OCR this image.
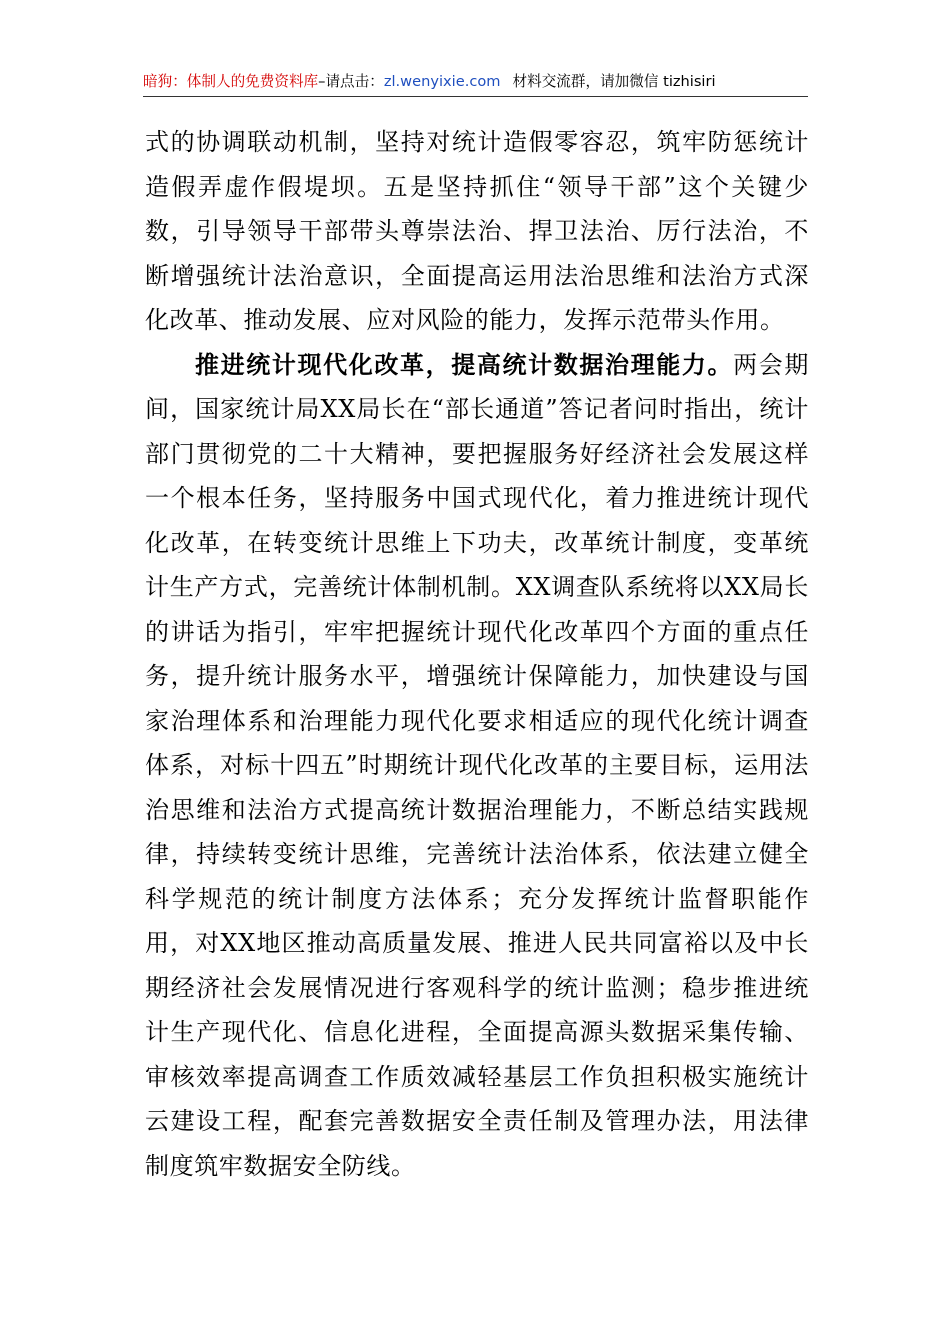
暗狗：体制人的免费资料库–请点击：zl.wenyixie.com 材料交流群，请加微信 tizhisiri

式的协调联动机制，坚持对统计造假零容忍，筑牢防惩统计造假弄虚作假堤坝。五是坚持抓住“领导干部”这个关键少数，引导领导干部带头尊崇法治、捍卫法治、厉行法治，不断增强统计法治意识，全面提高运用法治思维和法治方式深化改革、推动发展、应对风险的能力，发挥示范带头作用。

推进统计现代化改革，提高统计数据治理能力。两会期间，国家统计局XX局长在“部长通道”答记者问时指出，统计部门贯彻党的二十大精神，要把握服务好经济社会发展这样一个根本任务，坚持服务中国式现代化，着力推进统计现代化改革，在转变统计思维上下功夫，改革统计制度，变革统计生产方式，完善统计体制机制。XX调查队系统将以XX局长的讲话为指引，牢牢把握统计现代化改革四个方面的重点任务，提升统计服务水平，增强统计保障能力，加快建设与国家治理体系和治理能力现代化要求相适应的现代化统计调查体系，对标十四五”时期统计现代化改革的主要目标，运用法治思维和法治方式提高统计数据治理能力，不断总结实践规律，持续转变统计思维，完善统计法治体系，依法建立健全科学规范的统计制度方法体系；充分发挥统计监督职能作用，对XX地区推动高质量发展、推进人民共同富裕以及中长期经济社会发展情况进行客观科学的统计监测；稳步推进统计生产现代化、信息化进程，全面提高源头数据采集传输、审核效率提高调查工作质效减轻基层工作负担积极实施统计云建设工程，配套完善数据安全责任制及管理办法，用法律制度筑牢数据安全防线。
